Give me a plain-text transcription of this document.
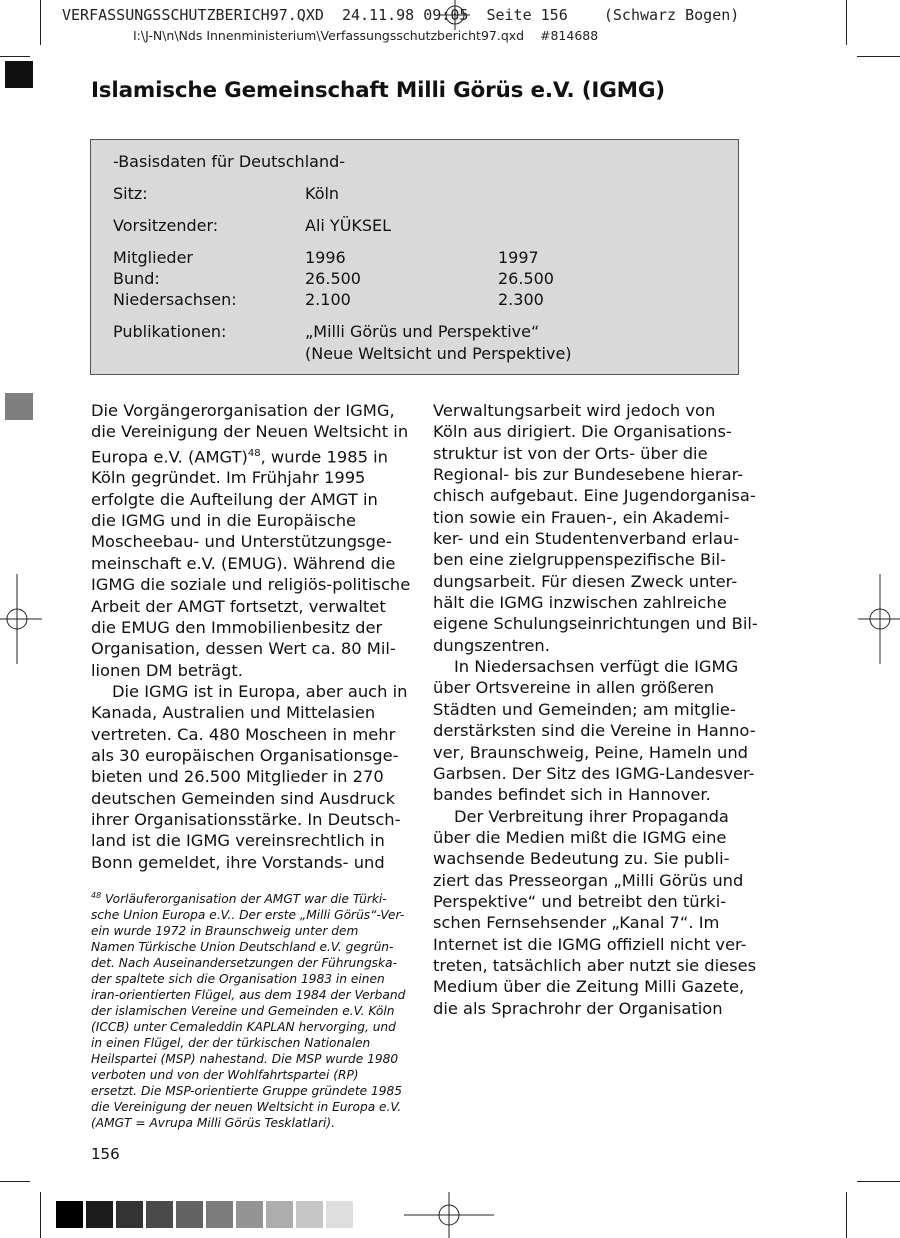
VERFASSUNGSSCHUTZBERICH97.QXD  24.11.98 09:05  Seite 156    (Schwarz Bogen)
I:\J-N\n\Nds Innenministerium\Verfassungsschutzbericht97.qxd    #814688
Islamische Gemeinschaft Milli Görüs e.V. (IGMG)
-Basisdaten für Deutschland-
Sitz:	Köln
Vorsitzender:	Ali YÜKSEL
Mitglieder	1996	1997
Bund:	26.500	26.500
Niedersachsen:	2.100	2.300
Publikationen:	„Milli Görüs und Perspektive“
(Neue Weltsicht und Perspektive)

Die Vorgängerorganisation der IGMG,

die Vereinigung der Neuen Weltsicht in

Europa e.V. (AMGT)$^{48}$, wurde 1985 in

Köln gegründet. Im Frühjahr 1995

erfolgte die Aufteilung der AMGT in

die IGMG und in die Europäische

Moscheebau- und Unterstützungsge-

meinschaft e.V. (EMUG). Während die

IGMG die soziale und religiös-politische

Arbeit der AMGT fortsetzt, verwaltet

die EMUG den Immobilienbesitz der

Organisation, dessen Wert ca. 80 Mil-

lionen DM beträgt.

Die IGMG ist in Europa, aber auch in

Kanada, Australien und Mittelasien

vertreten. Ca. 480 Moscheen in mehr

als 30 europäischen Organisationsge-

bieten und 26.500 Mitglieder in 270

deutschen Gemeinden sind Ausdruck

ihrer Organisationsstärke. In Deutsch-

land ist die IGMG vereinsrechtlich in

Bonn gemeldet, ihre Vorstands- und

Verwaltungsarbeit wird jedoch von

Köln aus dirigiert. Die Organisations-

struktur ist von der Orts- über die

Regional- bis zur Bundesebene hierar-

chisch aufgebaut. Eine Jugendorganisa-

tion sowie ein Frauen-, ein Akademi-

ker- und ein Studentenverband erlau-

ben eine zielgruppenspezifische Bil-

dungsarbeit. Für diesen Zweck unter-

hält die IGMG inzwischen zahlreiche

eigene Schulungseinrichtungen und Bil-

dungszentren.

In Niedersachsen verfügt die IGMG

über Ortsvereine in allen größeren

Städten und Gemeinden; am mitglie-

derstärksten sind die Vereine in Hanno-

ver, Braunschweig, Peine, Hameln und

Garbsen. Der Sitz des IGMG-Landesver-

bandes befindet sich in Hannover.

Der Verbreitung ihrer Propaganda

über die Medien mißt die IGMG eine

wachsende Bedeutung zu. Sie publi-

ziert das Presseorgan „Milli Görüs und

Perspektive“ und betreibt den türki-

schen Fernsehsender „Kanal 7“. Im

Internet ist die IGMG offiziell nicht ver-

treten, tatsächlich aber nutzt sie dieses

Medium über die Zeitung Milli Gazete,

die als Sprachrohr der Organisation

$^{48}$ Vorläuferorganisation der AMGT war die Türki-

sche Union Europa e.V.. Der erste „Milli Görüs“-Ver-

ein wurde 1972 in Braunschweig unter dem

Namen Türkische Union Deutschland e.V. gegrün-

det. Nach Auseinandersetzungen der Führungska-

der spaltete sich die Organisation 1983 in einen

iran-orientierten Flügel, aus dem 1984 der Verband

der islamischen Vereine und Gemeinden e.V. Köln

(ICCB) unter Cemaleddin KAPLAN hervorging, und

in einen Flügel, der der türkischen Nationalen

Heilspartei (MSP) nahestand. Die MSP wurde 1980

verboten und von der Wohlfahrtspartei (RP)

ersetzt. Die MSP-orientierte Gruppe gründete 1985

die Vereinigung der neuen Weltsicht in Europa e.V.

(AMGT = Avrupa Milli Görüs Tesklatlari).

156
